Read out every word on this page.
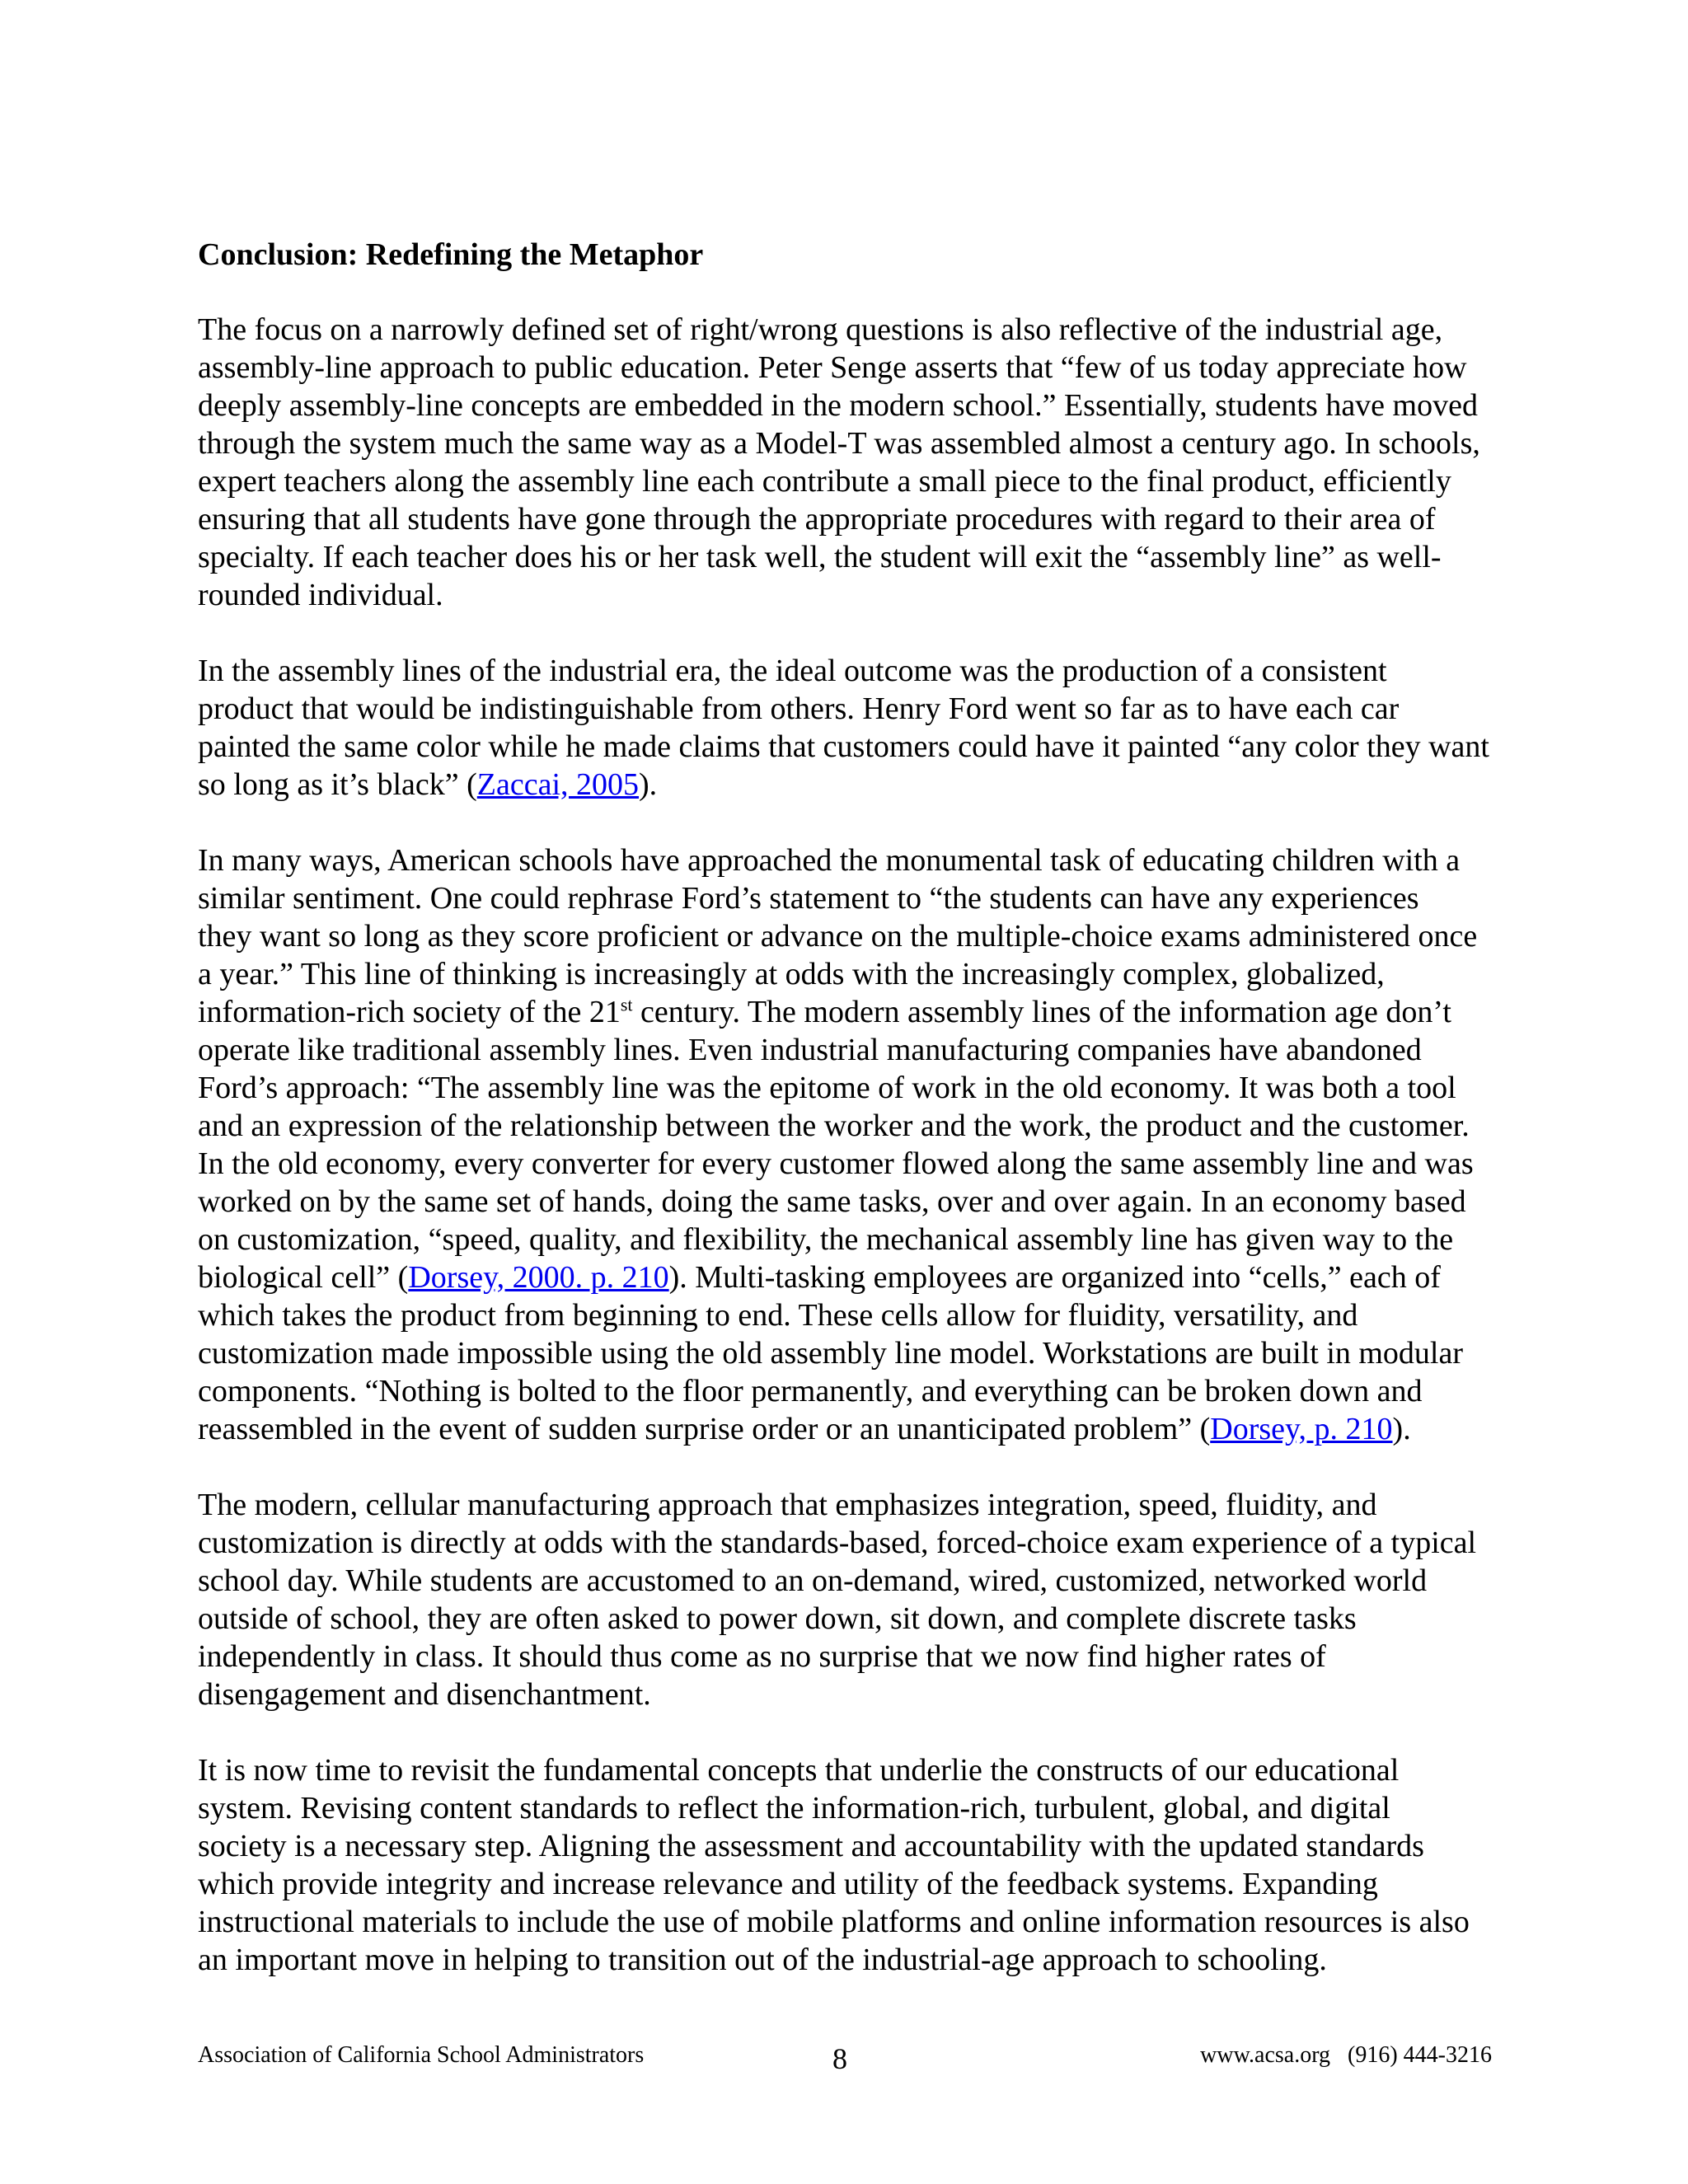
Conclusion: Redefining the Metaphor
The focus on a narrowly defined set of right/wrong questions is also reflective of the industrial age,
assembly-line approach to public education. Peter Senge asserts that “few of us today appreciate how
deeply assembly-line concepts are embedded in the modern school.” Essentially, students have moved
through the system much the same way as a Model-T was assembled almost a century ago. In schools,
expert teachers along the assembly line each contribute a small piece to the final product, efficiently
ensuring that all students have gone through the appropriate procedures with regard to their area of
specialty. If each teacher does his or her task well, the student will exit the “assembly line” as well-
rounded individual.
In the assembly lines of the industrial era, the ideal outcome was the production of a consistent
product that would be indistinguishable from others. Henry Ford went so far as to have each car
painted the same color while he made claims that customers could have it painted “any color they want
so long as it’s black” (Zaccai, 2005).
In many ways, American schools have approached the monumental task of educating children with a
similar sentiment. One could rephrase Ford’s statement to “the students can have any experiences
they want so long as they score proficient or advance on the multiple-choice exams administered once
a year.” This line of thinking is increasingly at odds with the increasingly complex, globalized,
information-rich society of the 21st century. The modern assembly lines of the information age don’t
operate like traditional assembly lines. Even industrial manufacturing companies have abandoned
Ford’s approach: “The assembly line was the epitome of work in the old economy. It was both a tool
and an expression of the relationship between the worker and the work, the product and the customer.
In the old economy, every converter for every customer flowed along the same assembly line and was
worked on by the same set of hands, doing the same tasks, over and over again. In an economy based
on customization, “speed, quality, and flexibility, the mechanical assembly line has given way to the
biological cell” (Dorsey, 2000. p. 210). Multi-tasking employees are organized into “cells,” each of
which takes the product from beginning to end. These cells allow for fluidity, versatility, and
customization made impossible using the old assembly line model. Workstations are built in modular
components. “Nothing is bolted to the floor permanently, and everything can be broken down and
reassembled in the event of sudden surprise order or an unanticipated problem” (Dorsey, p. 210).
The modern, cellular manufacturing approach that emphasizes integration, speed, fluidity, and
customization is directly at odds with the standards-based, forced-choice exam experience of a typical
school day. While students are accustomed to an on-demand, wired, customized, networked world
outside of school, they are often asked to power down, sit down, and complete discrete tasks
independently in class. It should thus come as no surprise that we now find higher rates of
disengagement and disenchantment.
It is now time to revisit the fundamental concepts that underlie the constructs of our educational
system. Revising content standards to reflect the information-rich, turbulent, global, and digital
society is a necessary step. Aligning the assessment and accountability with the updated standards
which provide integrity and increase relevance and utility of the feedback systems. Expanding
instructional materials to include the use of mobile platforms and online information resources is also
an important move in helping to transition out of the industrial-age approach to schooling.
Association of California School Administrators	8	www.acsa.org   (916) 444-3216
